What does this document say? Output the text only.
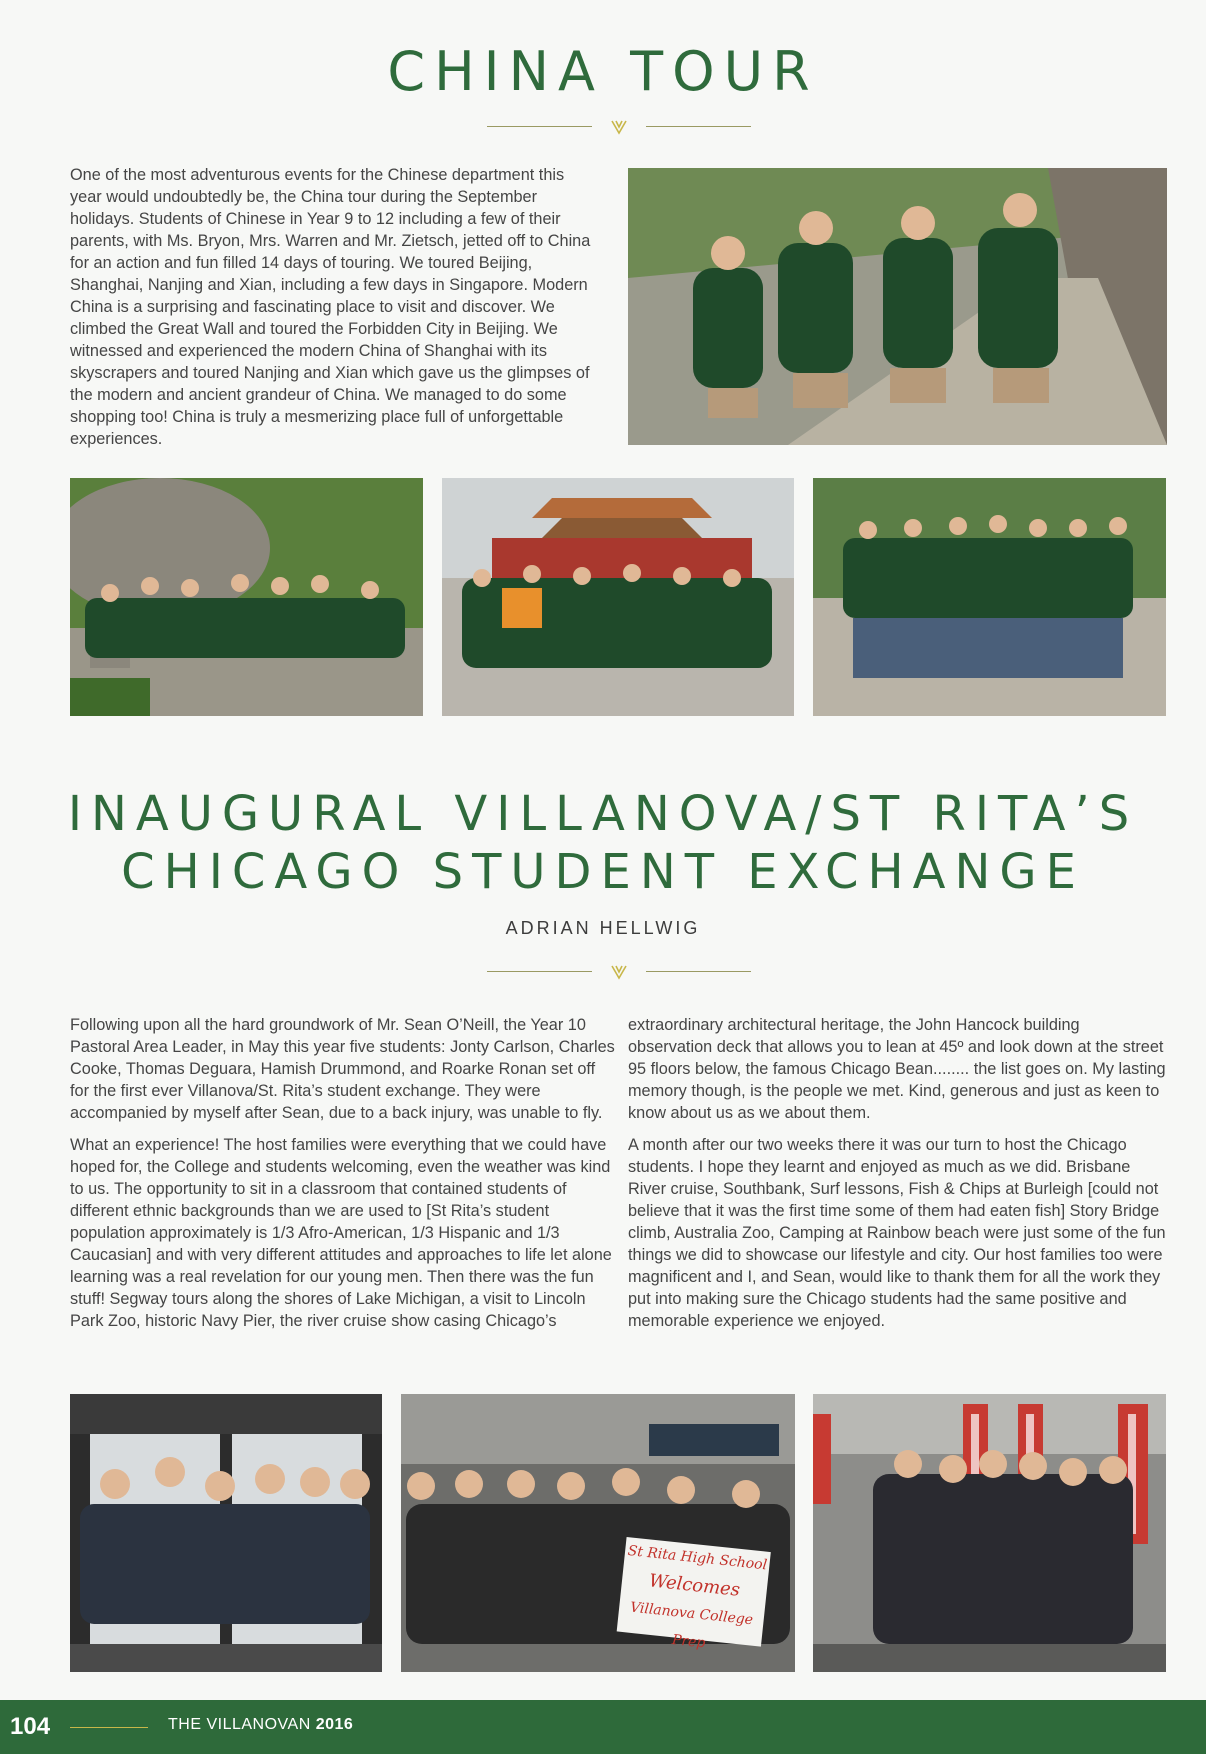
CHINA TOUR
One of the most adventurous events for the Chinese department this year would undoubtedly be, the China tour during the September holidays. Students of Chinese in Year 9 to 12 including a few of their parents, with Ms. Bryon, Mrs. Warren and Mr. Zietsch, jetted off to China for an action and fun filled 14 days of touring. We toured Beijing, Shanghai, Nanjing and Xian, including a few days in Singapore. Modern China is a surprising and fascinating place to visit and discover. We climbed the Great Wall and toured the Forbidden City in Beijing. We witnessed and experienced the modern China of Shanghai with its skyscrapers and toured Nanjing and Xian which gave us the glimpses of the modern and ancient grandeur of China. We managed to do some shopping too! China is truly a mesmerizing place full of unforgettable experiences.
INAUGURAL VILLANOVA/ST RITA’S
CHICAGO STUDENT EXCHANGE
ADRIAN HELLWIG

Following upon all the hard groundwork of Mr. Sean O’Neill, the Year 10 Pastoral Area Leader, in May this year five students: Jonty Carlson, Charles Cooke, Thomas Deguara, Hamish Drummond, and Roarke Ronan set off for the first ever Villanova/St. Rita’s student exchange. They were accompanied by myself after Sean, due to a back injury, was unable to fly.

What an experience! The host families were everything that we could have hoped for, the College and students welcoming, even the weather was kind to us. The opportunity to sit in a classroom that contained students of different ethnic backgrounds than we are used to [St Rita’s student population approximately is 1/3 Afro-American, 1/3 Hispanic and 1/3 Caucasian] and with very different attitudes and approaches to life let alone learning was a real revelation for our young men. Then there was the fun stuff! Segway tours along the shores of Lake Michigan, a visit to Lincoln Park Zoo, historic Navy Pier, the river cruise show casing Chicago’s

extraordinary architectural heritage, the John Hancock building observation deck that allows you to lean at 45º and look down at the street 95 floors below, the famous Chicago Bean........ the list goes on. My lasting memory though, is the people we met. Kind, generous and just as keen to know about us as we about them.

A month after our two weeks there it was our turn to host the Chicago students. I hope they learnt and enjoyed as much as we did. Brisbane River cruise, Southbank, Surf lessons, Fish & Chips at Burleigh [could not believe that it was the first time some of them had eaten fish] Story Bridge climb, Australia Zoo, Camping at Rainbow beach were just some of the fun things we did to showcase our lifestyle and city. Our host families too were magnificent and I, and Sean, would like to thank them for all the work they put into making sure the Chicago students had the same positive and memorable experience we enjoyed.

St Rita High School
Welcomes
Villanova College Prep
104	THE VILLANOVAN 2016
